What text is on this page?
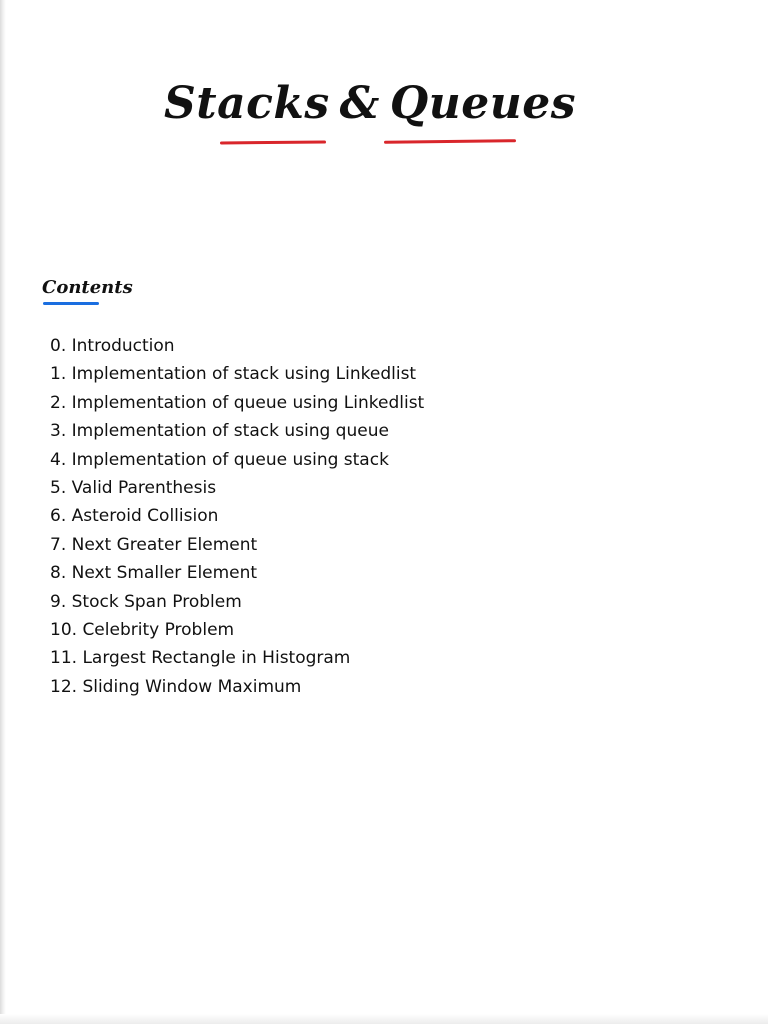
Stacks & Queues
Contents
0. Introduction
1. Implementation of stack using Linkedlist
2. Implementation of queue using Linkedlist
3. Implementation of stack using queue
4. Implementation of queue using stack
5. Valid Parenthesis
6. Asteroid Collision
7. Next Greater Element
8. Next Smaller Element
9. Stock Span Problem
10. Celebrity Problem
11. Largest Rectangle in Histogram
12. Sliding Window Maximum
